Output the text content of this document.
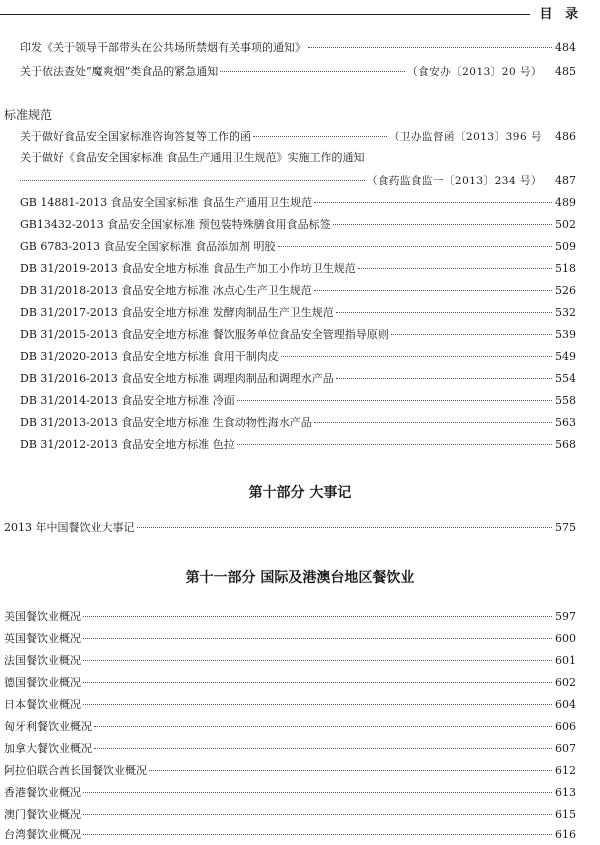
目 录
印发《关于领导干部带头在公共场所禁烟有关事项的通知》	484
关于依法查处“魔爽烟”类食品的紧急通知	（食安办〔2013〕20 号） 485
标准规范
关于做好食品安全国家标准咨询答复等工作的函	（卫办监督函〔2013〕396 号 486
关于做好《食品安全国家标准 食品生产通用卫生规范》实施工作的通知
（食药监食监一〔2013〕234 号） 487
GB 14881-2013 食品安全国家标准 食品生产通用卫生规范	489
GB13432-2013 食品安全国家标准 预包装特殊膳食用食品标签	502
GB 6783-2013 食品安全国家标准 食品添加剂 明胶	509
DB 31/2019-2013 食品安全地方标准 食品生产加工小作坊卫生规范	518
DB 31/2018-2013 食品安全地方标准 冰点心生产卫生规范	526
DB 31/2017-2013 食品安全地方标准 发酵肉制品生产卫生规范	532
DB 31/2015-2013 食品安全地方标准 餐饮服务单位食品安全管理指导原则	539
DB 31/2020-2013 食品安全地方标准 食用干制肉皮	549
DB 31/2016-2013 食品安全地方标准 调理肉制品和调理水产品	554
DB 31/2014-2013 食品安全地方标准 冷面	558
DB 31/2013-2013 食品安全地方标准 生食动物性海水产品	563
DB 31/2012-2013 食品安全地方标准 色拉	568
第十部分 大事记
2013 年中国餐饮业大事记	575
第十一部分 国际及港澳台地区餐饮业
美国餐饮业概况	597
英国餐饮业概况	600
法国餐饮业概况	601
德国餐饮业概况	602
日本餐饮业概况	604
匈牙利餐饮业概况	606
加拿大餐饮业概况	607
阿拉伯联合酋长国餐饮业概况	612
香港餐饮业概况	613
澳门餐饮业概况	615
台湾餐饮业概况	616
